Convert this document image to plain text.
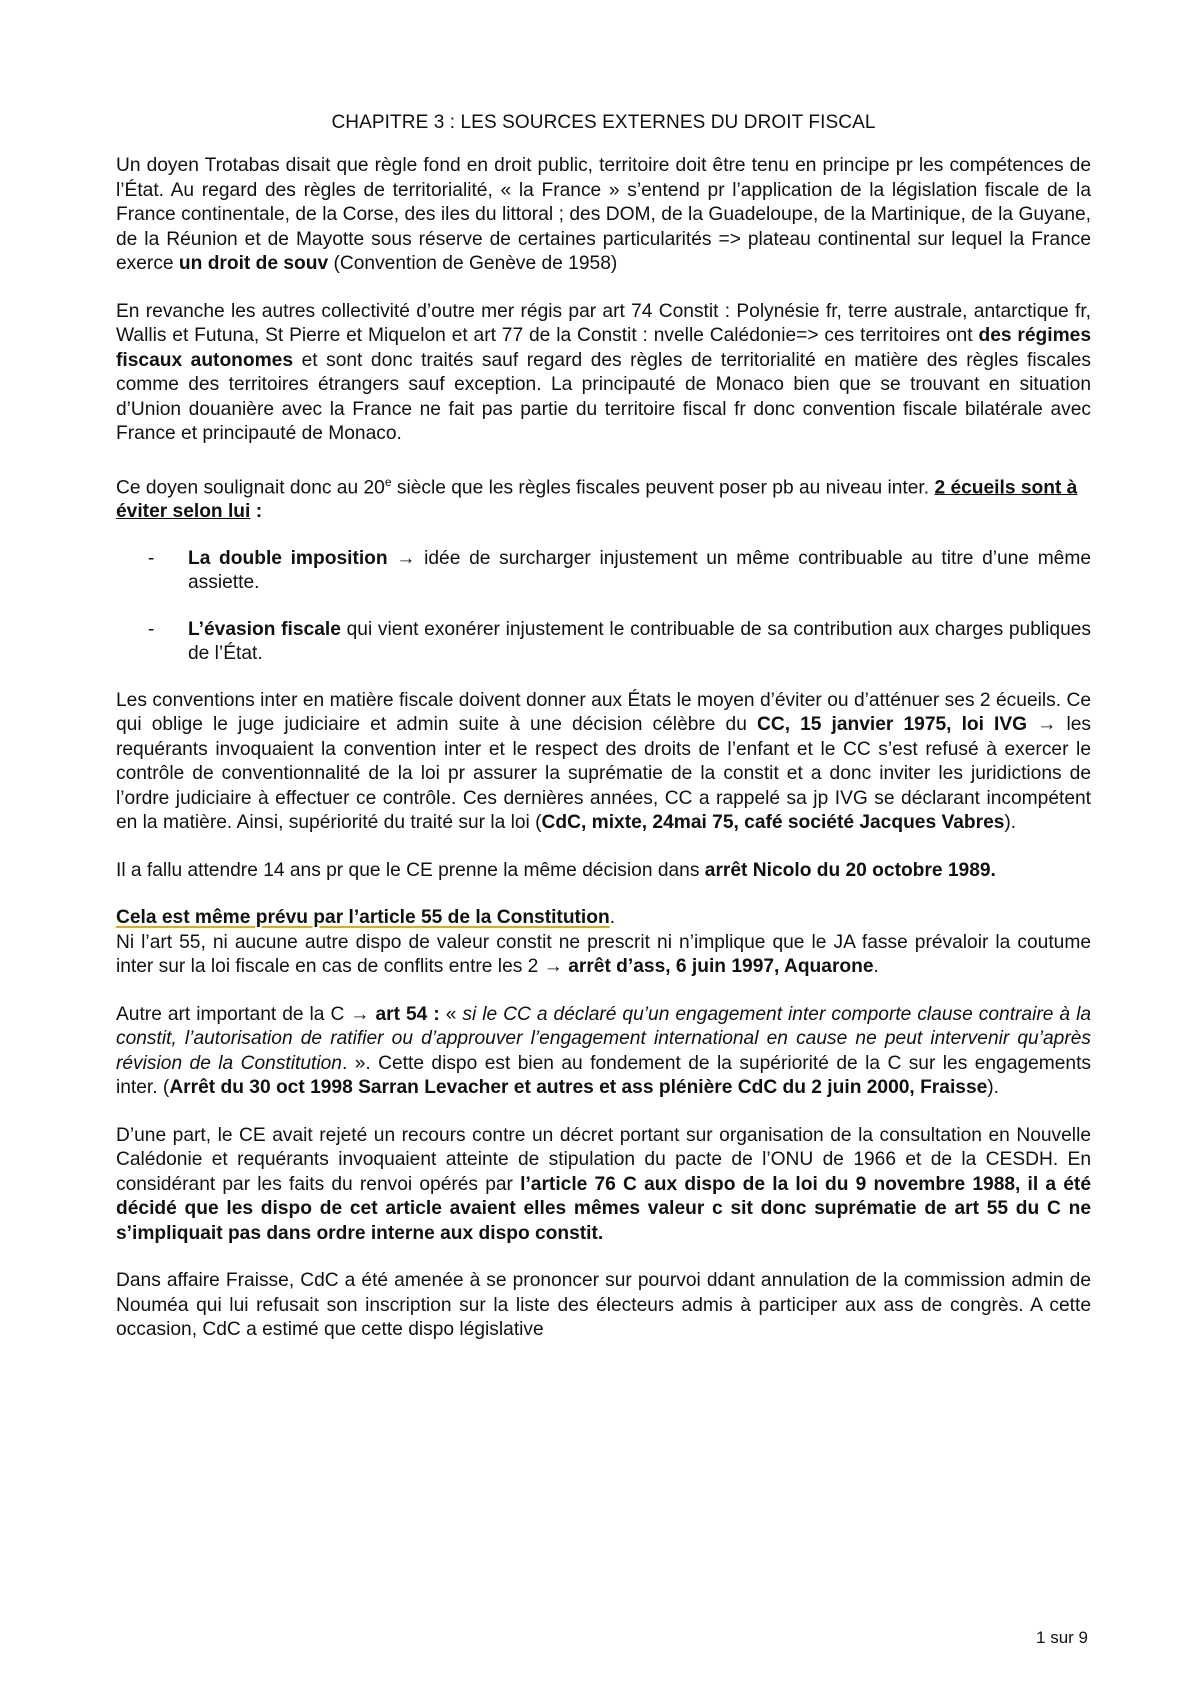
CHAPITRE 3 : LES SOURCES EXTERNES DU DROIT FISCAL

Un doyen Trotabas disait que règle fond en droit public, territoire doit être tenu en principe pr les compétences de l’État. Au regard des règles de territorialité, « la France » s’entend pr l’application de la législation fiscale de la France continentale, de la Corse, des iles du littoral ; des DOM, de la Guadeloupe, de la Martinique, de la Guyane, de la Réunion et de Mayotte sous réserve de certaines particularités => plateau continental sur lequel la France exerce un droit de souv (Convention de Genève de 1958)

En revanche les autres collectivité d’outre mer régis par art 74 Constit : Polynésie fr, terre australe, antarctique fr, Wallis et Futuna, St Pierre et Miquelon et art 77 de la Constit : nvelle Calédonie=> ces territoires ont des régimes fiscaux autonomes et sont donc traités sauf regard des règles de territorialité en matière des règles fiscales comme des territoires étrangers sauf exception. La principauté de Monaco bien que se trouvant en situation d’Union douanière avec la France ne fait pas partie du territoire fiscal fr donc convention fiscale bilatérale avec France et principauté de Monaco.

Ce doyen soulignait donc au 20e siècle que les règles fiscales peuvent poser pb au niveau inter. 2 écueils sont à éviter selon lui :

- La double imposition → idée de surcharger injustement un même contribuable au titre d’une même assiette.
- L’évasion fiscale qui vient exonérer injustement le contribuable de sa contribution aux charges publiques de l’État.

Les conventions inter en matière fiscale doivent donner aux États le moyen d’éviter ou d’atténuer ses 2 écueils. Ce qui oblige le juge judiciaire et admin suite à une décision célèbre du CC, 15 janvier 1975, loi IVG → les requérants invoquaient la convention inter et le respect des droits de l’enfant et le CC s’est refusé à exercer le contrôle de conventionnalité de la loi pr assurer la suprématie de la constit et a donc inviter les juridictions de l’ordre judiciaire à effectuer ce contrôle. Ces dernières années, CC a rappelé sa jp IVG se déclarant incompétent en la matière. Ainsi, supériorité du traité sur la loi (CdC, mixte, 24mai 75, café société Jacques Vabres).

Il a fallu attendre 14 ans pr que le CE prenne la même décision dans arrêt Nicolo du 20 octobre 1989.

Cela est même prévu par l’article 55 de la Constitution.
Ni l’art 55, ni aucune autre dispo de valeur constit ne prescrit ni n’implique que le JA fasse prévaloir la coutume inter sur la loi fiscale en cas de conflits entre les 2 → arrêt d’ass, 6 juin 1997, Aquarone.

Autre art important de la C → art 54 : « si le CC a déclaré qu’un engagement inter comporte clause contraire à la constit, l’autorisation de ratifier ou d’approuver l’engagement international en cause ne peut intervenir qu’après révision de la Constitution. ». Cette dispo est bien au fondement de la supériorité de la C sur les engagements inter. (Arrêt du 30 oct 1998 Sarran Levacher et autres et ass plénière CdC du 2 juin 2000, Fraisse).

D’une part, le CE avait rejeté un recours contre un décret portant sur organisation de la consultation en Nouvelle Calédonie et requérants invoquaient atteinte de stipulation du pacte de l’ONU de 1966 et de la CESDH. En considérant par les faits du renvoi opérés par l’article 76 C aux dispo de la loi du 9 novembre 1988, il a été décidé que les dispo de cet article avaient elles mêmes valeur c sit donc suprématie de art 55 du C ne s’impliquait pas dans ordre interne aux dispo constit.

Dans affaire Fraisse, CdC a été amenée à se prononcer sur pourvoi ddant annulation de la commission admin de Nouméa qui lui refusait son inscription sur la liste des électeurs admis à participer aux ass de congrès. A cette occasion, CdC a estimé que cette dispo législative

1 sur 9
